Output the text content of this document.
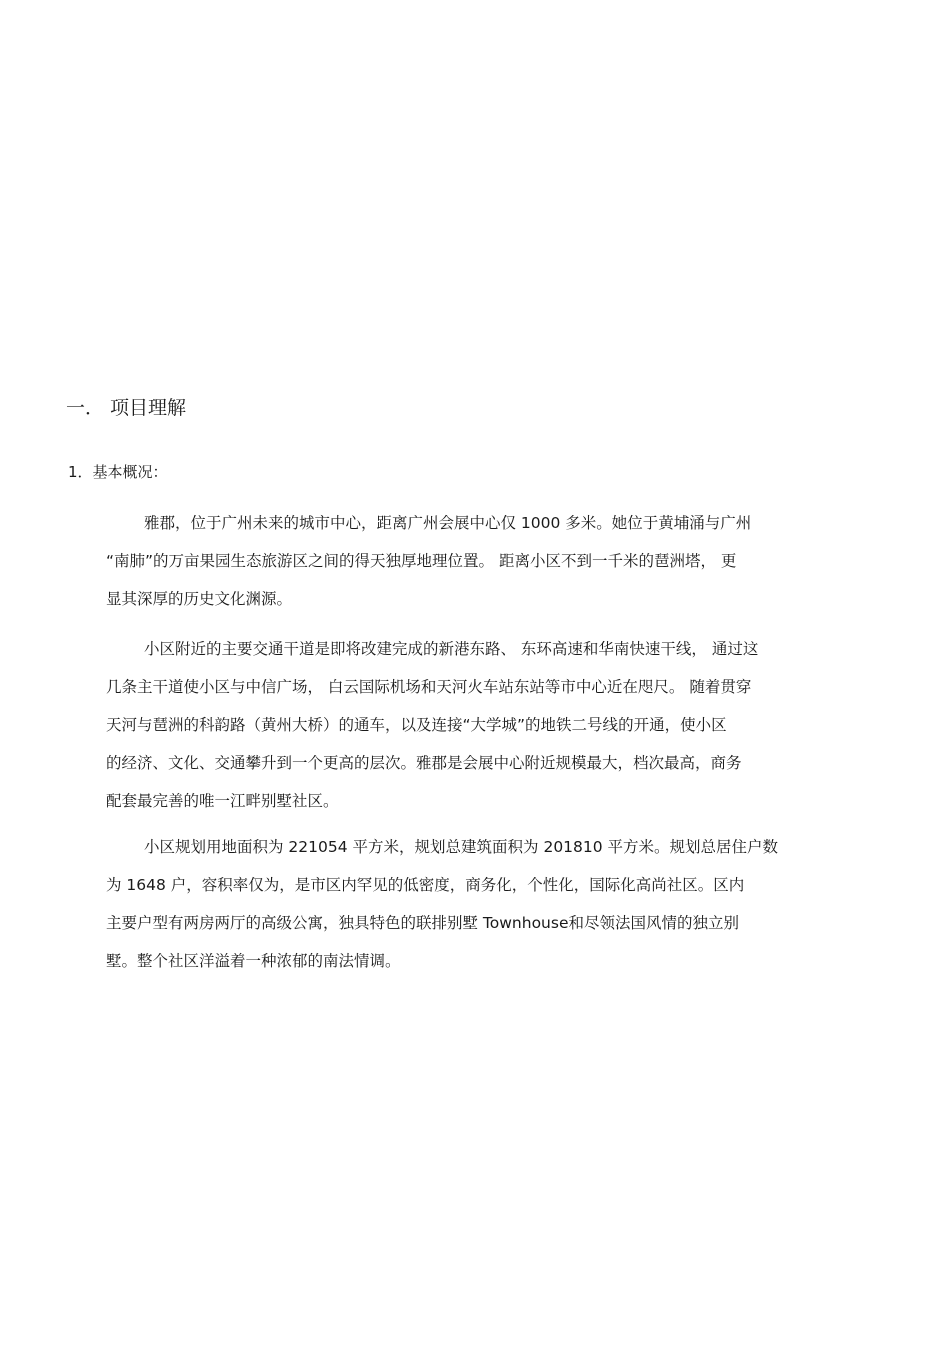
一． 项目理解
1．基本概况：

雅郡，位于广州未来的城市中心，距离广州会展中心仅 1000 多米。她位于黄埔涌与广州
“南肺”的万亩果园生态旅游区之间的得天独厚地理位置。 距离小区不到一千米的琶洲塔， 更
显其深厚的历史文化渊源。

小区附近的主要交通干道是即将改建完成的新港东路、 东环高速和华南快速干线， 通过这
几条主干道使小区与中信广场， 白云国际机场和天河火车站东站等市中心近在咫尺。 随着贯穿
天河与琶洲的科韵路（黄州大桥）的通车，以及连接“大学城”的地铁二号线的开通，使小区
的经济、文化、交通攀升到一个更高的层次。雅郡是会展中心附近规模最大，档次最高，商务
配套最完善的唯一江畔别墅社区。

小区规划用地面积为 221054 平方米，规划总建筑面积为 201810 平方米。规划总居住户数
为 1648 户，容积率仅为，是市区内罕见的低密度，商务化，个性化，国际化高尚社区。区内
主要户型有两房两厅的高级公寓，独具特色的联排别墅 Townhouse和尽领法国风情的独立别
墅。整个社区洋溢着一种浓郁的南法情调。
